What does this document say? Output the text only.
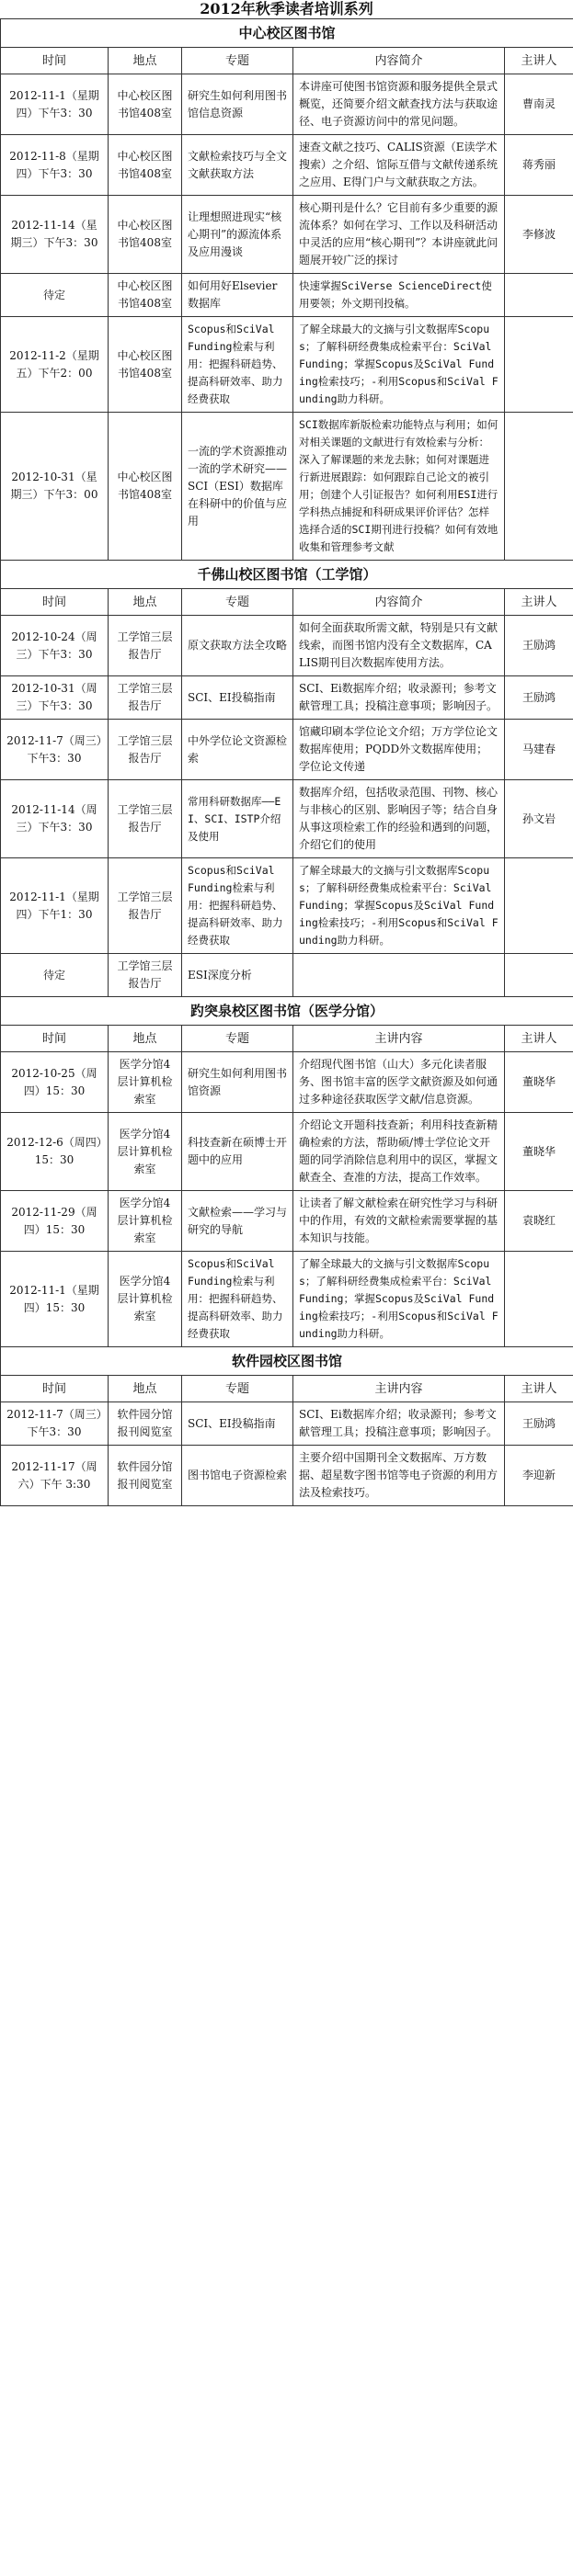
2012年秋季读者培训系列
中心校区图书馆				
时间	地点	专题	内容简介	主讲人
2012-11-1（星期四）下午3：30	中心校区图书馆408室	研究生如何利用图书馆信息资源	本讲座可使图书馆资源和服务提供全景式概览，还简要介绍文献查找方法与获取途径、电子资源访问中的常见问题。	曹南灵
2012-11-8（星期四）下午3：30	中心校区图书馆408室	文献检索技巧与全文文献获取方法	速查文献之技巧、CALIS资源（E读学术搜索）之介绍、馆际互借与文献传递系统之应用、E得门户与文献获取之方法。	蒋秀丽
2012-11-14（星期三）下午3：30	中心校区图书馆408室	让理想照进现实“核心期刊”的源流体系及应用漫谈	核心期刊是什么？它目前有多少重要的源流体系？如何在学习、工作以及科研活动中灵活的应用“核心期刊”？本讲座就此问题展开较广泛的探讨	李修波
待定	中心校区图书馆408室	如何用好Elsevier数据库	快速掌握SciVerse ScienceDirect使用要领；外文期刊投稿。	
2012-11-2（星期五）下午2：00	中心校区图书馆408室	Scopus和SciVal Funding检索与利用：把握科研趋势、提高科研效率、助力经费获取	了解全球最大的文摘与引文数据库Scopus；了解科研经费集成检索平台：SciVal Funding；掌握Scopus及SciVal Funding检索技巧；-利用Scopus和SciVal Funding助力科研。	
2012-10-31（星期三）下午3：00	中心校区图书馆408室	一流的学术资源推动一流的学术研究——SCI（ESI）数据库在科研中的价值与应用	SCI数据库新版检索功能特点与利用；如何对相关课题的文献进行有效检索与分析：深入了解课题的来龙去脉；如何对课题进行新进展跟踪：如何跟踪自己论文的被引用；创建个人引证报告？如何利用ESI进行学科热点捕捉和科研成果评价评估？怎样选择合适的SCI期刊进行投稿？如何有效地收集和管理参考文献	
千佛山校区图书馆（工学馆）				
时间	地点	专题	内容简介	主讲人
2012-10-24（周三）下午3：30	工学馆三层报告厅	原文获取方法全攻略	如何全面获取所需文献，特别是只有文献线索，而图书馆内没有全文数据库，CALIS期刊目次数据库使用方法。	王励鸿
2012-10-31（周三）下午3：30	工学馆三层报告厅	SCI、EI投稿指南	SCI、Ei数据库介绍；收录源刊；参考文献管理工具；投稿注意事项；影响因子。	王励鸿
2012-11-7（周三）下午3：30	工学馆三层报告厅	中外学位论文资源检索	馆藏印刷本学位论文介绍；万方学位论文数据库使用；PQDD外文数据库使用；学位论文传递	马建春
2012-11-14（周三）下午3：30	工学馆三层报告厅	常用科研数据库——EI、SCI、ISTP介绍及使用	数据库介绍，包括收录范围、刊物、核心与非核心的区别、影响因子等；结合自身从事这项检索工作的经验和遇到的问题，介绍它们的使用	孙文岩
2012-11-1（星期四）下午1：30	工学馆三层报告厅	Scopus和SciVal Funding检索与利用：把握科研趋势、提高科研效率、助力经费获取	了解全球最大的文摘与引文数据库Scopus；了解科研经费集成检索平台：SciVal Funding；掌握Scopus及SciVal Funding检索技巧；-利用Scopus和SciVal Funding助力科研。	
待定	工学馆三层报告厅	ESI深度分析		
趵突泉校区图书馆（医学分馆）				
时间	地点	专题	主讲内容	主讲人
2012-10-25（周四）15：30	医学分馆4层计算机检索室	研究生如何利用图书馆资源	介绍现代图书馆（山大）多元化读者服务、图书馆丰富的医学文献资源及如何通过多种途径获取医学文献/信息资源。	董晓华
2012-12-6（周四）15：30	医学分馆4层计算机检索室	科技查新在硕博士开题中的应用	介绍论文开题科技查新；利用科技查新精确检索的方法，帮助硕/博士学位论文开题的同学消除信息利用中的误区，掌握文献查全、查准的方法，提高工作效率。	董晓华
2012-11-29（周四）15：30	医学分馆4层计算机检索室	文献检索——学习与研究的导航	让读者了解文献检索在研究性学习与科研中的作用，有效的文献检索需要掌握的基本知识与技能。	袁晓红
2012-11-1（星期四）15：30	医学分馆4层计算机检索室	Scopus和SciVal Funding检索与利用：把握科研趋势、提高科研效率、助力经费获取	了解全球最大的文摘与引文数据库Scopus；了解科研经费集成检索平台：SciVal Funding；掌握Scopus及SciVal Funding检索技巧；-利用Scopus和SciVal Funding助力科研。	
软件园校区图书馆				
时间	地点	专题	主讲内容	主讲人
2012-11-7（周三）下午3：30	软件园分馆报刊阅览室	SCI、EI投稿指南	SCI、Ei数据库介绍；收录源刊；参考文献管理工具；投稿注意事项；影响因子。	王励鸿
2012-11-17（周六）下午 3:30	软件园分馆报刊阅览室	图书馆电子资源检索	主要介绍中国期刊全文数据库、万方数据、超星数字图书馆等电子资源的利用方法及检索技巧。	李迎新
